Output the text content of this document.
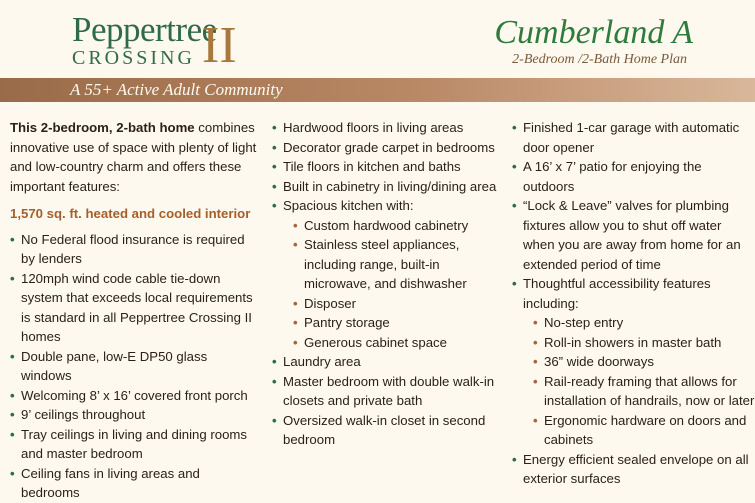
Peppertree
CROSSING II	Cumberland A
2-Bedroom /2-Bath Home Plan
A 55+ Active Adult Community
This 2-bedroom, 2-bath home combines innovative use of space with plenty of light and low-country charm and offers these important features:
1,570 sq. ft. heated and cooled interior
• No Federal flood insurance is required by lenders
• 120mph wind code cable tie-down system that exceeds local requirements is standard in all Peppertree Crossing II homes
• Double pane, low-E DP50 glass windows
• Welcoming 8’ x 16’ covered front porch
• 9’ ceilings throughout
• Tray ceilings in living and dining rooms and master bedroom
• Ceiling fans in living areas and bedrooms
• Hardwood floors in living areas
• Decorator grade carpet in bedrooms
• Tile floors in kitchen and baths
• Built in cabinetry in living/dining area
• Spacious kitchen with:
• Custom hardwood cabinetry
• Stainless steel appliances, including range, built-in microwave, and dishwasher
• Disposer
• Pantry storage
• Generous cabinet space
• Laundry area
• Master bedroom with double walk-in closets and private bath
• Oversized walk-in closet in second bedroom
• Finished 1-car garage with automatic door opener
• A 16’ x 7’ patio for enjoying the outdoors
• “Lock & Leave” valves for plumbing fixtures allow you to shut off water when you are away from home for an extended period of time
• Thoughtful accessibility features including:
• No-step entry
• Roll-in showers in master bath
• 36” wide doorways
• Rail-ready framing that allows for installation of handrails, now or later
• Ergonomic hardware on doors and cabinets
• Energy efficient sealed envelope on all exterior surfaces
